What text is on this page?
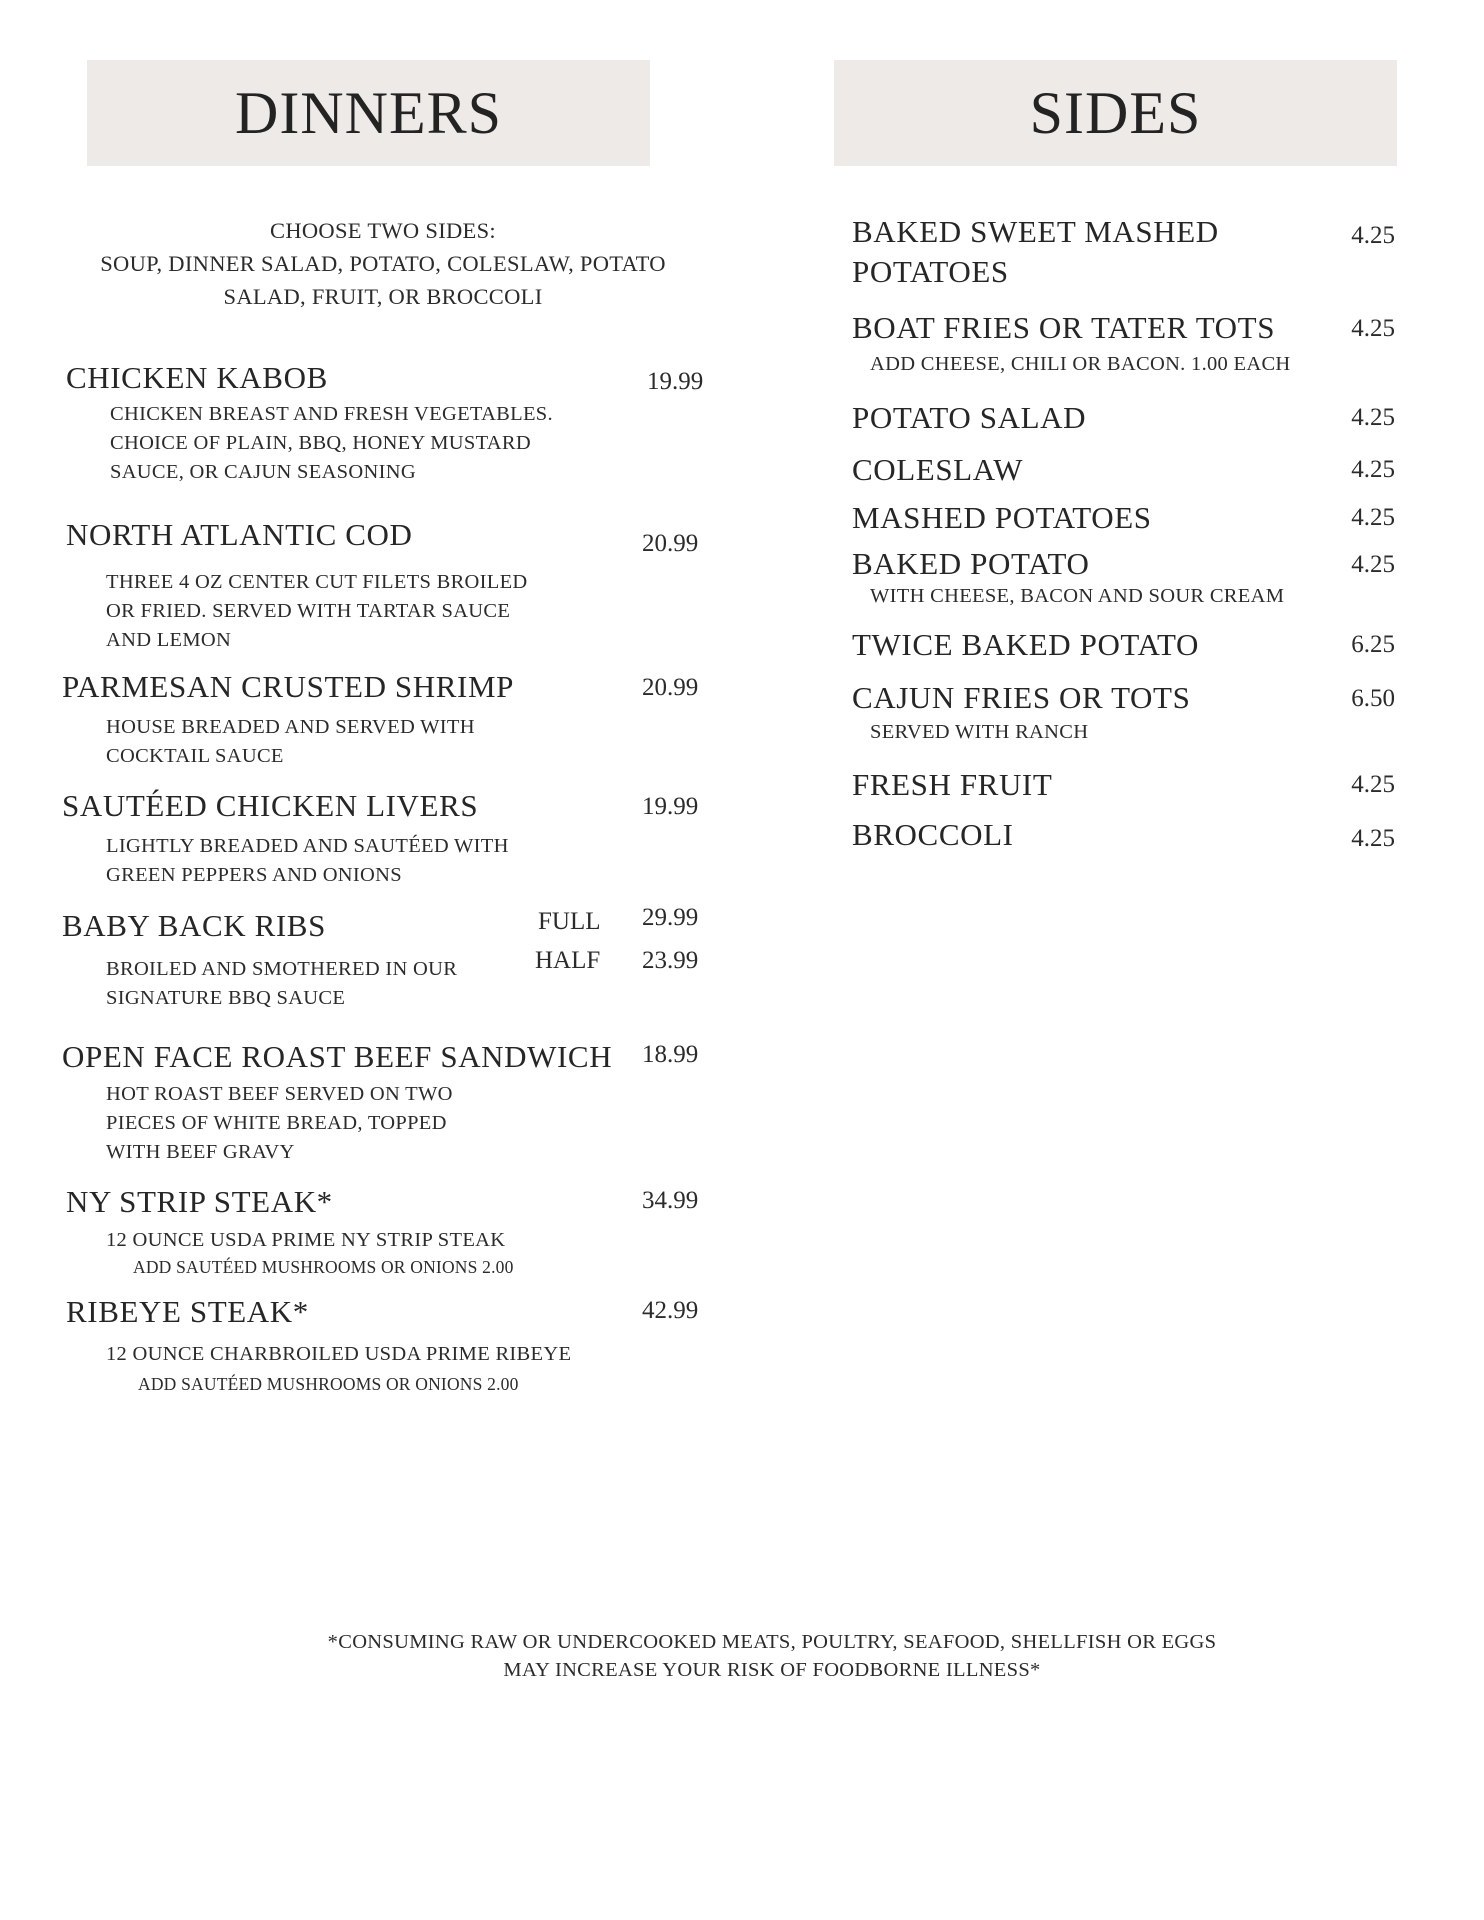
DINNERS	SIDES
CHOOSE TWO SIDES:
SOUP, DINNER SALAD, POTATO, COLESLAW, POTATO
SALAD, FRUIT, OR BROCCOLI
CHICKEN KABOB	19.99
CHICKEN BREAST AND FRESH VEGETABLES.
CHOICE OF PLAIN, BBQ, HONEY MUSTARD
SAUCE, OR CAJUN SEASONING
NORTH ATLANTIC COD	20.99
THREE 4 OZ CENTER CUT FILETS BROILED
OR FRIED. SERVED WITH TARTAR SAUCE
AND LEMON
PARMESAN CRUSTED SHRIMP	20.99
HOUSE BREADED AND SERVED WITH
COCKTAIL SAUCE
SAUTÉED CHICKEN LIVERS	19.99
LIGHTLY BREADED AND SAUTÉED WITH
GREEN PEPPERS AND ONIONS
BABY BACK RIBS	FULL 29.99
HALF 23.99
BROILED AND SMOTHERED IN OUR
SIGNATURE BBQ SAUCE
OPEN FACE ROAST BEEF SANDWICH 18.99
HOT ROAST BEEF SERVED ON TWO
PIECES OF WHITE BREAD, TOPPED
WITH BEEF GRAVY
NY STRIP STEAK*	34.99
12 OUNCE USDA PRIME NY STRIP STEAK
ADD SAUTÉED MUSHROOMS OR ONIONS 2.00
RIBEYE STEAK*	42.99
12 OUNCE CHARBROILED USDA PRIME RIBEYE
ADD SAUTÉED MUSHROOMS OR ONIONS 2.00
BAKED SWEET MASHED
POTATOES
4.25
BOAT FRIES OR TATER TOTS	4.25
ADD CHEESE, CHILI OR BACON. 1.00 EACH
POTATO SALAD	4.25
COLESLAW	4.25
MASHED POTATOES	4.25
BAKED POTATO	4.25
WITH CHEESE, BACON AND SOUR CREAM
TWICE BAKED POTATO	6.25
CAJUN FRIES OR TOTS	6.50
SERVED WITH RANCH
FRESH FRUIT	4.25
BROCCOLI	4.25
*CONSUMING RAW OR UNDERCOOKED MEATS, POULTRY, SEAFOOD, SHELLFISH OR EGGS
MAY INCREASE YOUR RISK OF FOODBORNE ILLNESS*
